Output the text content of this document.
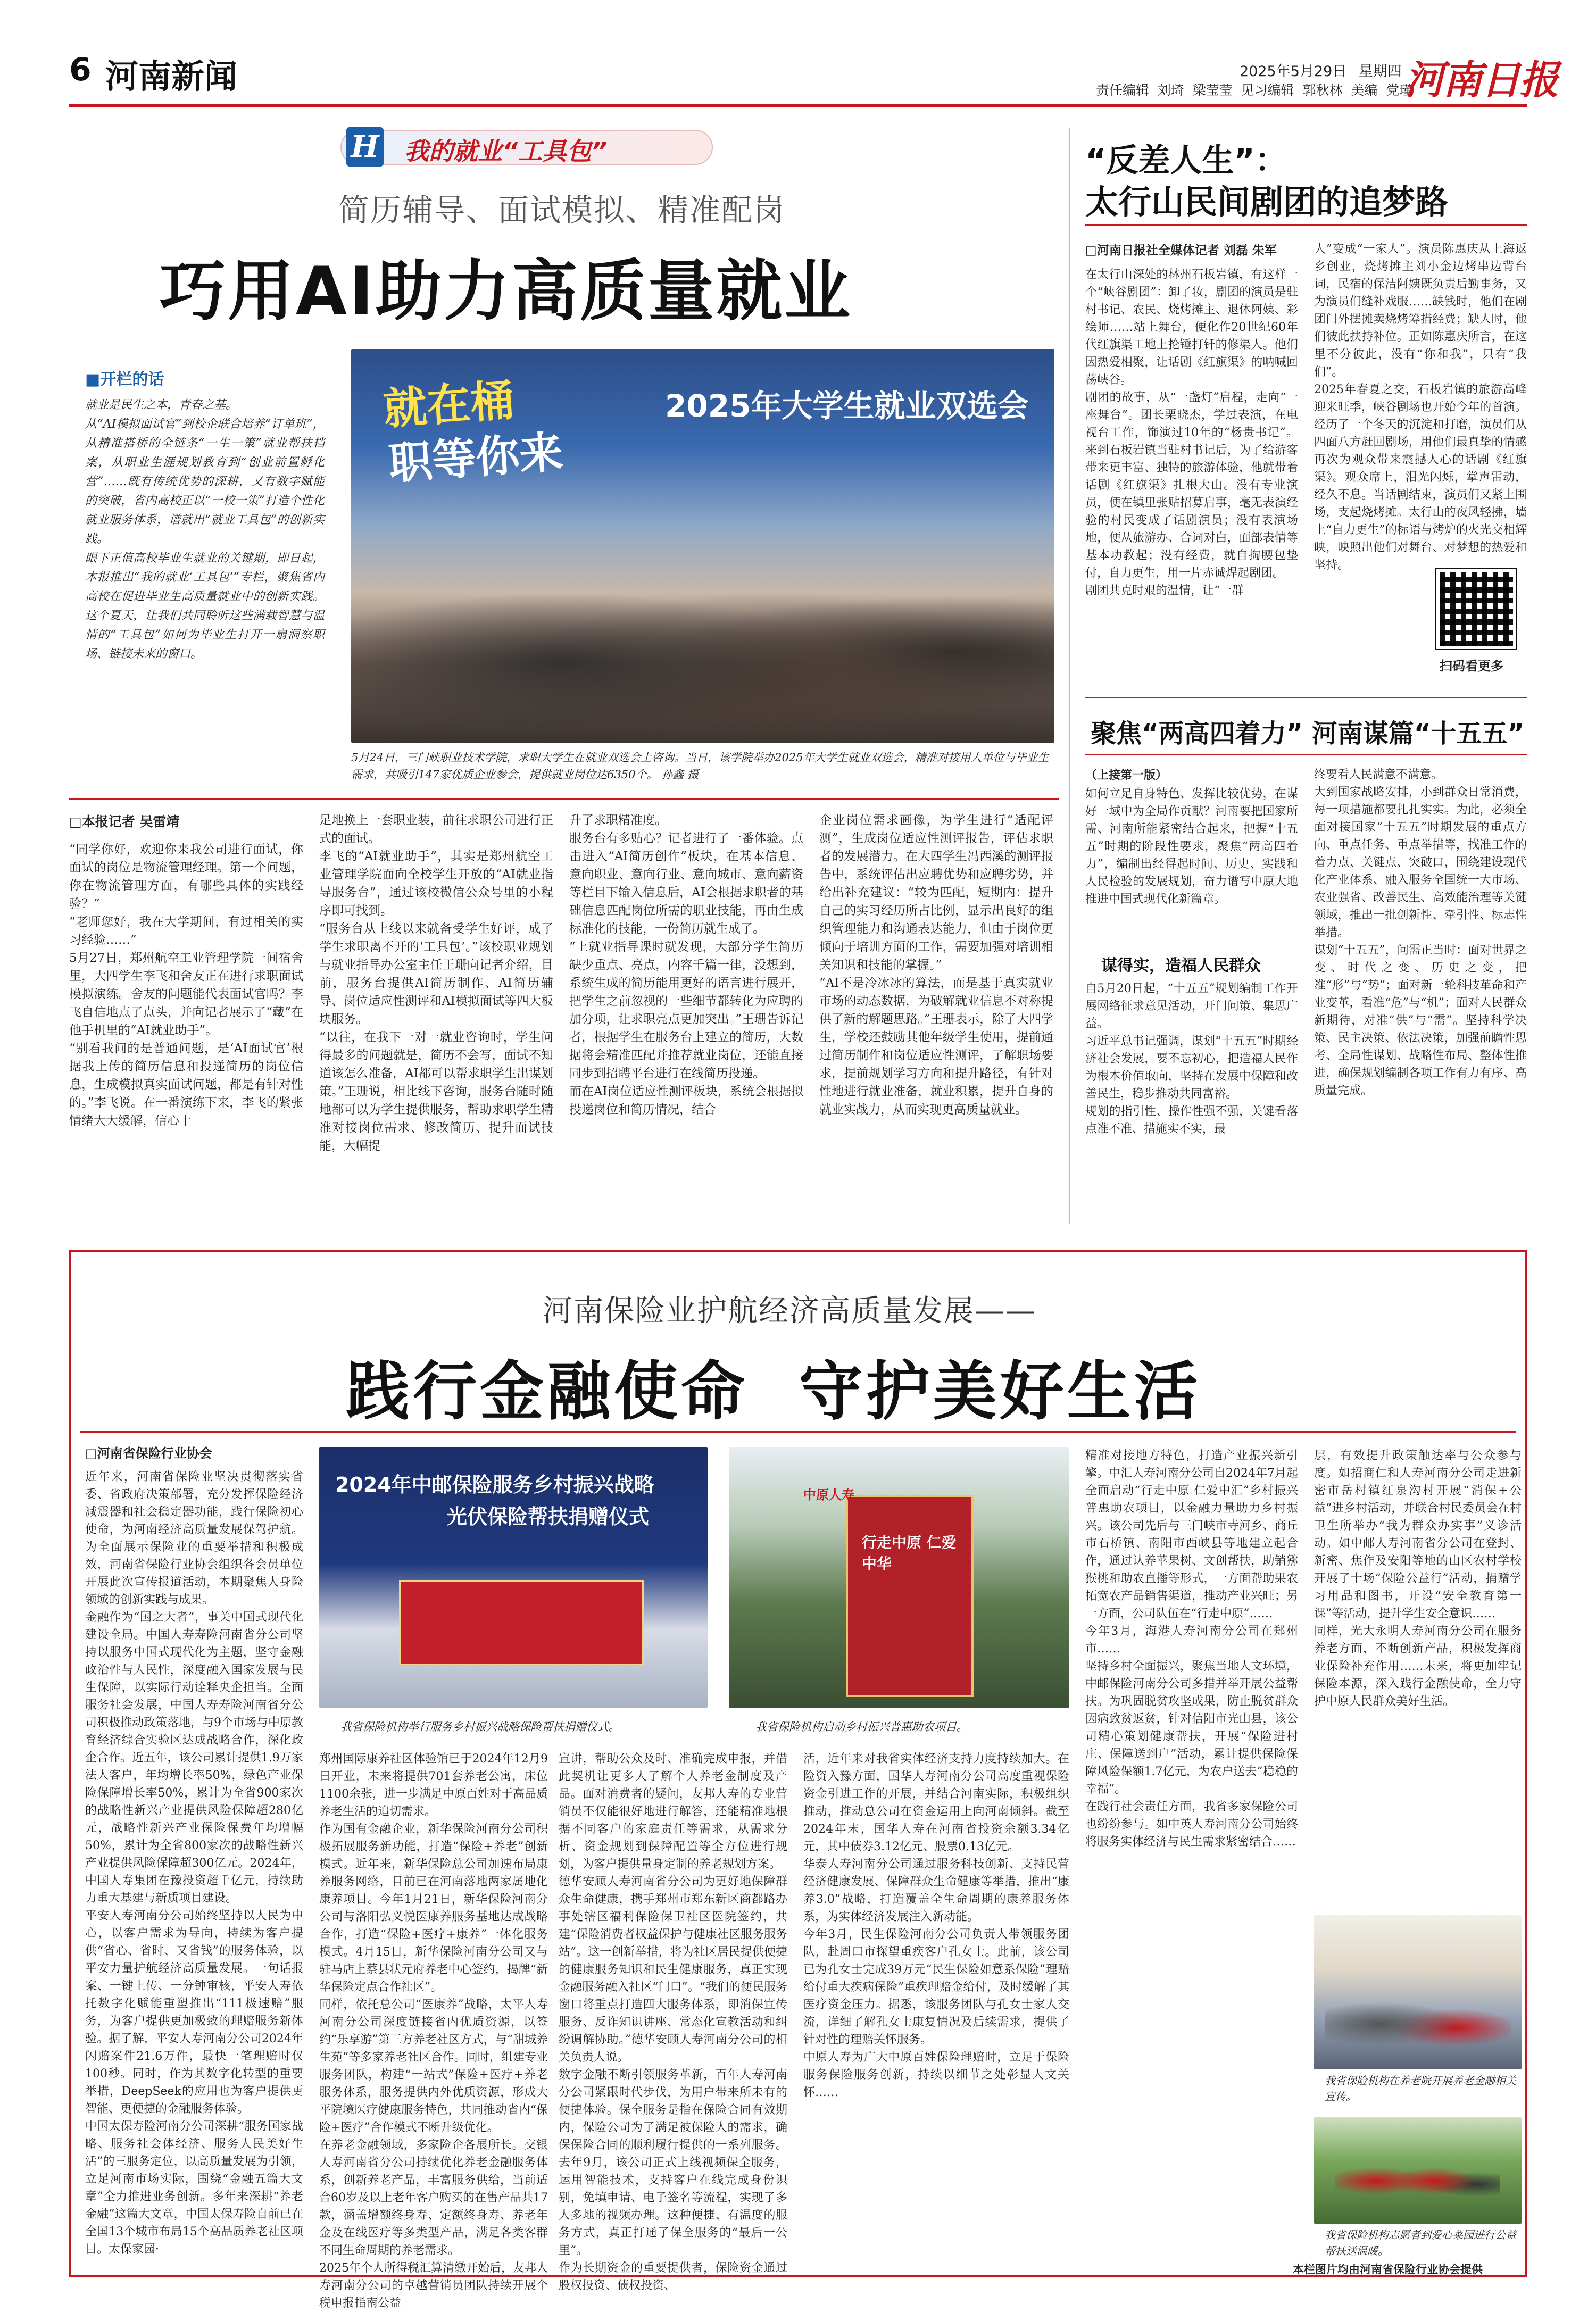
6 河南新闻	2025年5月29日 星期四
责任编辑  刘琦  梁莹莹  见习编辑  郭秋林  美编  党瑾
河南日报
H 我的就业“工具包”
简历辅导、面试模拟、精准配岗
巧用AI助力高质量就业
■开栏的话
就业是民生之本，青春之基。
从“AI模拟面试官”到校企联合培养“订单班”，从精准搭桥的全链条“一生一策”就业帮扶档案，从职业生涯规划教育到“创业前置孵化营”……既有传统优势的深耕，又有数字赋能的突破，省内高校正以“一校一策”打造个性化就业服务体系，谱就出“就业工具包”的创新实践。
眼下正值高校毕业生就业的关键期，即日起，本报推出“我的就业‘工具包’”专栏，聚焦省内高校在促进毕业生高质量就业中的创新实践。这个夏天，让我们共同聆听这些满载智慧与温情的“工具包”如何为毕业生打开一扇洞察职场、链接未来的窗口。
就在桶
职等你来
2025年大学生就业双选会
5月24日，三门峡职业技术学院，求职大学生在就业双选会上咨询。当日，该学院举办2025年大学生就业双选会，精准对接用人单位与毕业生需求，共吸引147家优质企业参会，提供就业岗位达6350个。 孙鑫 摄
□本报记者 吴雷靖
“同学你好，欢迎你来我公司进行面试，你面试的岗位是物流管理经理。第一个问题，你在物流管理方面，有哪些具体的实践经验？”
“老师您好，我在大学期间，有过相关的实习经验……”
5月27日，郑州航空工业管理学院一间宿舍里，大四学生李飞和舍友正在进行求职面试模拟演练。舍友的问题能代表面试官吗？李飞自信地点了点头，并向记者展示了“藏”在他手机里的“AI就业助手”。
“别看我问的是普通问题，是‘AI面试官’根据我上传的简历信息和投递简历的岗位信息，生成模拟真实面试问题，都是有针对性的。”李飞说。在一番演练下来，李飞的紧张情绪大大缓解，信心十
足地换上一套职业装，前往求职公司进行正式的面试。
李飞的“AI就业助手”，其实是郑州航空工业管理学院面向全校学生开放的“AI就业指导服务台”，通过该校微信公众号里的小程序即可找到。
“服务台从上线以来就备受学生好评，成了学生求职离不开的‘工具包’。”该校职业规划与就业指导办公室主任王珊向记者介绍，目前，服务台提供AI简历制作、AI简历辅导、岗位适应性测评和AI模拟面试等四大板块服务。
“以往，在我下一对一就业咨询时，学生问得最多的问题就是，简历不会写，面试不知道该怎么准备，AI都可以帮求职学生出谋划策。”王珊说，相比线下咨询，服务台随时随地都可以为学生提供服务，帮助求职学生精准对接岗位需求、修改简历、提升面试技能，大幅提
升了求职精准度。
服务台有多贴心？记者进行了一番体验。点击进入“AI简历创作”板块，在基本信息、意向职业、意向行业、意向城市、意向薪资等栏目下输入信息后，AI会根据求职者的基础信息匹配岗位所需的职业技能，再由生成标准化的技能，一份简历就生成了。
“上就业指导课时就发现，大部分学生简历缺少重点、亮点，内容千篇一律，没想到，系统生成的简历能用更好的语言进行展开，把学生之前忽视的一些细节都转化为应聘的加分项，让求职亮点更加突出。”王珊告诉记者，根据学生在服务台上建立的简历，大数据将会精准匹配并推荐就业岗位，还能直接同步到招聘平台进行在线简历投递。
而在AI岗位适应性测评板块，系统会根据拟投递岗位和简历情况，结合
企业岗位需求画像，为学生进行“适配评测”，生成岗位适应性测评报告，评估求职者的发展潜力。在大四学生冯西溪的测评报告中，系统评估出应聘优势和应聘劣势，并给出补充建议：“较为匹配，短期内：提升自己的实习经历所占比例，显示出良好的组织管理能力和沟通表达能力，但由于岗位更倾向于培训方面的工作，需要加强对培训相关知识和技能的掌握。”
“AI不是冷冰冰的算法，而是基于真实就业市场的动态数据，为破解就业信息不对称提供了新的解题思路。”王珊表示，除了大四学生，学校还鼓励其他年级学生使用，提前通过简历制作和岗位适应性测评，了解职场要求，提前规划学习方向和提升路径，有针对性地进行就业准备，就业积累，提升自身的就业实战力，从而实现更高质量就业。
“反差人生”：
太行山民间剧团的追梦路
□河南日报社全媒体记者 刘磊 朱军
在太行山深处的林州石板岩镇，有这样一个“峡谷剧团”：卸了妆，剧团的演员是驻村书记、农民、烧烤摊主、退休阿姨、彩绘师……站上舞台，便化作20世纪60年代红旗渠工地上抡锤打钎的修渠人。他们因热爱相聚，让话剧《红旗渠》的呐喊回荡峡谷。
剧团的故事，从“一盏灯”启程，走向“一座舞台”。团长栗晓杰，学过表演，在电视台工作，饰演过10年的“杨贵书记”。来到石板岩镇当驻村书记后，为了给游客带来更丰富、独特的旅游体验，他就带着话剧《红旗渠》扎根大山。没有专业演员，便在镇里张贴招募启事，毫无表演经验的村民变成了话剧演员；没有表演场地，便从旅游办、合词对白，面部表情等基本功教起；没有经费，就自掏腰包垫付，自力更生，用一片赤诚焊起剧团。
剧团共克时艰的温情，让“一群
人”变成“一家人”。演员陈惠庆从上海返乡创业，烧烤摊主刘小金边烤串边背台词，民宿的保洁阿姨既负责后勤事务，又为演员们缝补戏服……缺钱时，他们在剧团门外摆摊卖烧烤筹措经费；缺人时，他们彼此扶持补位。正如陈惠庆所言，在这里不分彼此，没有“你和我”，只有“我们”。
2025年春夏之交，石板岩镇的旅游高峰迎来旺季，峡谷剧场也开始今年的首演。经历了一个冬天的沉淀和打磨，演员们从四面八方赶回剧场，用他们最真挚的情感再次为观众带来震撼人心的话剧《红旗渠》。观众席上，泪光闪烁，掌声雷动，经久不息。当话剧结束，演员们又紧上围场，支起烧烤摊。太行山的夜风轻拂，墙上“自力更生”的标语与烤炉的火光交相辉映，映照出他们对舞台、对梦想的热爱和坚持。
扫码看更多
聚焦“两高四着力” 河南谋篇“十五五”
（上接第一版）
如何立足自身特色、发挥比较优势，在谋好一域中为全局作贡献？河南要把国家所需、河南所能紧密结合起来，把握“十五五”时期的阶段性要求，聚焦“两高四着力”，编制出经得起时间、历史、实践和人民检验的发展规划，奋力谱写中原大地推进中国式现代化新篇章。
谋得实，造福人民群众
自5月20日起，“十五五”规划编制工作开展网络征求意见活动，开门问策、集思广益。
习近平总书记强调，谋划“十五五”时期经济社会发展，要不忘初心，把造福人民作为根本价值取向，坚持在发展中保障和改善民生，稳步推动共同富裕。
规划的指引性、操作性强不强，关键看落点准不准、措施实不实，最
终要看人民满意不满意。
大到国家战略安排，小到群众日常消费，每一项措施都要扎扎实实。为此，必须全面对接国家“十五五”时期发展的重点方向、重点任务、重点举措等，找准工作的着力点、关键点、突破口，围绕建设现代化产业体系、融入服务全国统一大市场、农业强省、改善民生、高效能治理等关键领域，推出一批创新性、牵引性、标志性举措。
谋划“十五五”，问需正当时：面对世界之变、时代之变、历史之变，把准“形”与“势”；面对新一轮科技革命和产业变革，看准“危”与“机”；面对人民群众新期待，对准“供”与“需”。坚持科学决策、民主决策、依法决策，加强前瞻性思考、全局性谋划、战略性布局、整体性推进，确保规划编制各项工作有力有序、高质量完成。
河南保险业护航经济高质量发展——
践行金融使命  守护美好生活
□河南省保险行业协会
近年来，河南省保险业坚决贯彻落实省委、省政府决策部署，充分发挥保险经济减震器和社会稳定器功能，践行保险初心使命，为河南经济高质量发展保驾护航。为全面展示保险业的重要举措和积极成效，河南省保险行业协会组织各会员单位开展此次宣传报道活动，本期聚焦人身险领域的创新实践与成果。
金融作为“国之大者”，事关中国式现代化建设全局。中国人寿寿险河南省分公司坚持以服务中国式现代化为主题，坚守金融政治性与人民性，深度融入国家发展与民生保障，以实际行动诠释央企担当。全面服务社会发展，中国人寿寿险河南省分公司积极推动政策落地，与9个市场与中原教育经济综合实验区达成战略合作，深化政企合作。近五年，该公司累计提供1.9万家法人客户，年均增长率50%，绿色产业保险保障增长率50%，累计为全省900家次的战略性新兴产业提供风险保障超280亿元，战略性新兴产业保险保费年均增幅50%，累计为全省800家次的战略性新兴产业提供风险保障超300亿元。2024年，中国人寿集团在豫投资超千亿元，持续助力重大基建与新质项目建设。
平安人寿河南分公司始终坚持以人民为中心，以客户需求为导向，持续为客户提供“省心、省时、又省钱”的服务体验，以平安力量护航经济高质量发展。一句话报案、一键上传、一分钟审核，平安人寿依托数字化赋能重塑推出“111极速赔”服务，为客户提供更加极致的理赔服务新体验。据了解，平安人寿河南分公司2024年闪赔案件21.6万件，最快一笔理赔时仅100秒。同时，作为其数字化转型的重要举措，DeepSeek的应用也为客户提供更智能、更便捷的金融服务体验。
中国太保寿险河南分公司深耕“服务国家战略、服务社会体经济、服务人民美好生活”的三服务定位，以高质量发展为引领，立足河南市场实际，围绕“金融五篇大文章”全力推进业务创新。多年来深耕“养老金融”这篇大文章，中国太保寿险自前已在全国13个城市布局15个高品质养老社区项目。太保家园·
2024年中邮保险服务乡村振兴战略
光伏保险帮扶捐赠仪式
我省保险机构举行服务乡村振兴战略保险帮扶捐赠仪式。
中原人寿
行走中原 仁爱中华
我省保险机构启动乡村振兴普惠助农项目。
郑州国际康养社区体验馆已于2024年12月9日开业，未来将提供701套养老公寓，床位1100余张，进一步满足中原百姓对于高品质养老生活的追切需求。
作为国有金融企业，新华保险河南分公司积极拓展服务新功能，打造“保险+养老”创新模式。近年来，新华保险总公司加速布局康养服务网络，目前已在河南落地两家属地化康养项目。今年1月21日，新华保险河南分公司与洛阳弘义悦医康养服务基地达成战略合作，打造“保险+医疗+康养”一体化服务模式。4月15日，新华保险河南分公司又与驻马店上蔡县状元府养老中心签约，揭牌“新华保险定点合作社区”。
同样，依托总公司“医康养”战略，太平人寿河南分公司深度链接省内优质资源，以签约“乐享游”第三方养老社区方式，与“甜城养生苑”等多家养老社区合作。同时，组建专业服务团队，构建“一站式”保险+医疗+养老服务体系，服务提供内外优质资源，形成大平院境医疗健康服务特色，共同推动省内“保险+医疗”合作模式不断升级优化。
在养老金融领域，多家险企各展所长。交银人寿河南省分公司持续优化养老金融服务体系，创新养老产品，丰富服务供给，当前适合60岁及以上老年客户购买的在售产品共17款，涵盖增额终身寿、定额终身寿、养老年金及在线医疗等多类型产品，满足各类客群不同生命周期的养老需求。
2025年个人所得税汇算清缴开始后，友邦人寿河南分公司的卓越营销员团队持续开展个税申报指南公益
宣讲，帮助公众及时、准确完成申报，并借此契机让更多人了解个人养老金制度及产品。面对消费者的疑问，友邦人寿的专业营销员不仅能很好地进行解答，还能精准地根据不同客户的家庭责任等需求，从需求分析、资金规划到保障配置等全方位进行规划，为客户提供量身定制的养老规划方案。
德华安顾人寿河南省分公司为更好地保障群众生命健康，携手郑州市郑东新区商都路办事处辖区福利保险保卫社区医院签约，共建“保险消费者权益保护与健康社区服务服务站”。这一创新举措，将为社区居民提供便捷的健康服务知识和民生健康服务，真正实现金融服务融入社区“门口”。“我们的便民服务窗口将重点打造四大服务体系，即消保宣传服务、反诈知识讲座、常态化宣教活动和纠纷调解协助。”德华安顾人寿河南分公司的相关负责人说。
数字金融不断引领服务革新，百年人寿河南分公司紧跟时代步伐，为用户带来所未有的便捷体验。保全服务是指在保险合同有效期内，保险公司为了满足被保险人的需求，确保保险合同的顺利履行提供的一系列服务。去年9月，该公司正式上线视频保全服务，运用智能技术，支持客户在线完成身份识别，免填申请、电子签名等流程，实现了多人多地的视频办理。这种便捷、有温度的服务方式，真正打通了保全服务的“最后一公里”。
作为长期资金的重要提供者，保险资金通过股权投资、债权投资、
活，近年来对我省实体经济支持力度持续加大。在险资入豫方面，国华人寿河南分公司高度重视保险资金引进工作的开展，并结合河南实际，积极组织推动，推动总公司在资金运用上向河南倾斜。截至2024年末，国华人寿在河南省投资余额3.34亿元，其中债券3.12亿元、股票0.13亿元。
华泰人寿河南分公司通过服务科技创新、支持民营经济健康发展、保障群众生命健康等举措，推出“康养3.0”战略，打造覆盖全生命周期的康养服务体系，为实体经济发展注入新动能。
今年3月，民生保险河南分公司负责人带领服务团队，赴周口市探望重疾客户孔女士。此前，该公司已为孔女士完成39万元“民生保险如意系保险”理赔给付重大疾病保险”重疾理赔金给付，及时缓解了其医疗资金压力。据悉，该服务团队与孔女士家人交流，详细了解孔女士康复情况及后续需求，提供了针对性的理赔关怀服务。
中原人寿为广大中原百姓保险理赔时，立足于保险服务保险服务创新，持续以细节之处彰显人文关怀……
精准对接地方特色，打造产业振兴新引擎。中汇人寿河南分公司自2024年7月起全面启动“行走中原 仁爱中汇”乡村振兴普惠助农项目，以金融力量助力乡村振兴。该公司先后与三门峡市寺河乡、商丘市石桥镇、南阳市西峡县等地建立起合作，通过认养苹果树、文创帮扶，助销猕猴桃和助农直播等形式，一方面帮助果农拓宽农产品销售渠道，推动产业兴旺；另一方面，公司队伍在“行走中原”……
今年3月，海港人寿河南分公司在郑州市……
坚持乡村全面振兴，聚焦当地人文环境，中邮保险河南分公司多措并举开展公益帮扶。为巩固脱贫攻坚成果，防止脱贫群众因病致贫返贫，针对信阳市光山县，该公司精心策划健康帮扶，开展“保险进村庄、保障送到户”活动，累计提供保险保障风险保额1.7亿元，为农户送去“稳稳的幸福”。
在践行社会责任方面，我省多家保险公司也纷纷参与。如中英人寿河南分公司始终将服务实体经济与民生需求紧密结合……
层，有效提升政策触达率与公众参与度。如招商仁和人寿河南分公司走进新密市岳村镇红泉沟村开展“消保+公益”进乡村活动，并联合村民委员会在村卫生所举办“我为群众办实事”义诊活动。如中邮人寿河南省分公司在登封、新密、焦作及安阳等地的山区农村学校开展了十场“保险公益行”活动，捐赠学习用品和图书，开设“安全教育第一课”等活动，提升学生安全意识……
同样，光大永明人寿河南分公司在服务养老方面，不断创新产品，积极发挥商业保险补充作用……未来，将更加牢记保险本源，深入践行金融使命，全力守护中原人民群众美好生活。
我省保险机构在养老院开展养老金融相关宣传。
我省保险机构志愿者到爱心菜园进行公益帮扶送温暖。
本栏图片均由河南省保险行业协会提供
